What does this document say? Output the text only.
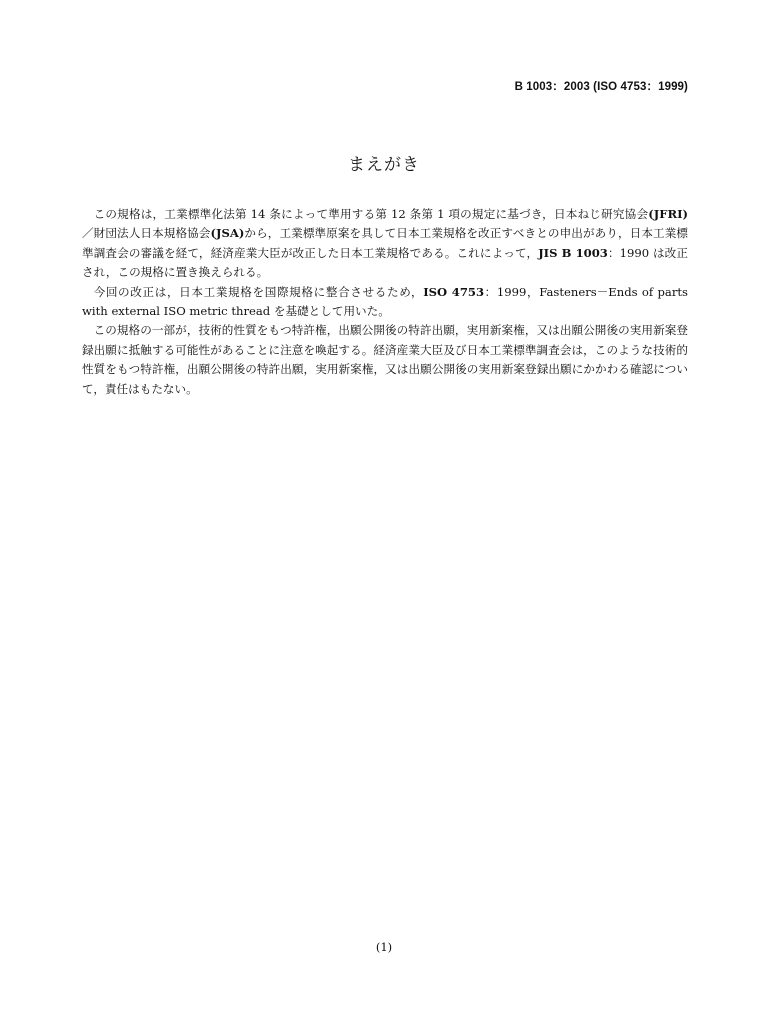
B 1003：2003 (ISO 4753：1999)
まえがき

この規格は，工業標準化法第 14 条によって準用する第 12 条第 1 項の規定に基づき，日本ねじ研究協会(JFRI)／財団法人日本規格協会(JSA)から，工業標準原案を具して日本工業規格を改正すべきとの申出があり，日本工業標準調査会の審議を経て，経済産業大臣が改正した日本工業規格である。これによって，JIS B 1003：1990 は改正され，この規格に置き換えられる。

今回の改正は，日本工業規格を国際規格に整合させるため，ISO 4753：1999，Fasteners－Ends of parts with external ISO metric thread を基礎として用いた。

この規格の一部が，技術的性質をもつ特許権，出願公開後の特許出願，実用新案権，又は出願公開後の実用新案登録出願に抵触する可能性があることに注意を喚起する。経済産業大臣及び日本工業標準調査会は，このような技術的性質をもつ特許権，出願公開後の特許出願，実用新案権，又は出願公開後の実用新案登録出願にかかわる確認について，責任はもたない。

(1)
